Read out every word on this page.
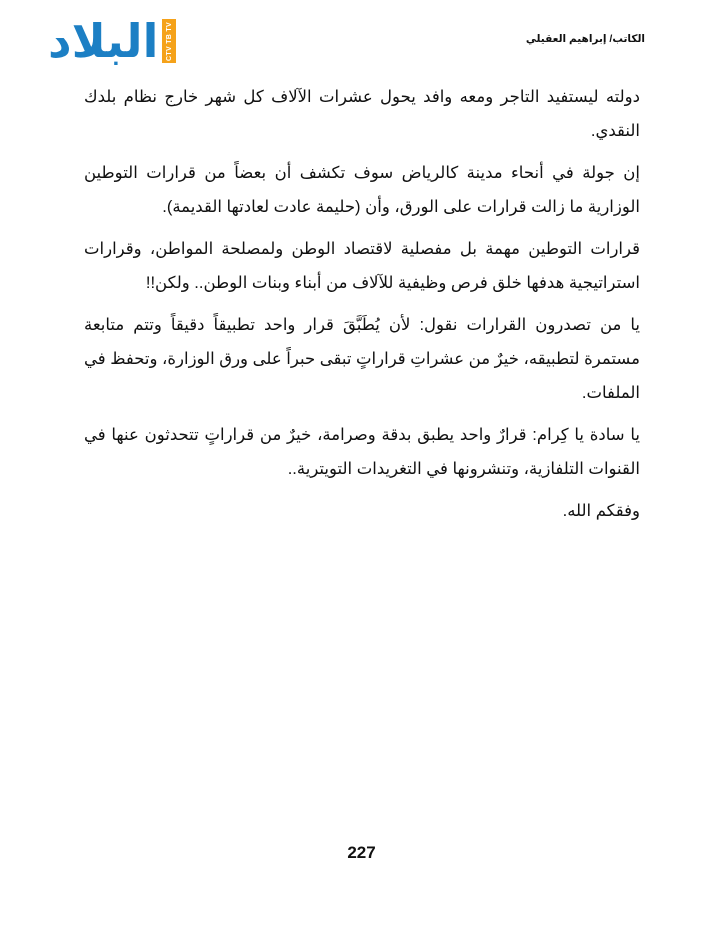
البلاد CTV TB TV	الكاتب/ إبراهيم العقيلي

دولته ليستفيد التاجر ومعه وافد يحول عشرات الآلاف كل شهر خارج نظام بلدك النقدي.

إن جولة في أنحاء مدينة كالرياض سوف تكشف أن بعضاً من قرارات التوطين الوزارية ما زالت قرارات على الورق، وأن (حليمة عادت لعادتها القديمة).

قرارات التوطين مهمة بل مفصلية لاقتصاد الوطن ولمصلحة المواطن، وقرارات استراتيجية هدفها خلق فرص وظيفية للآلاف من أبناء وبنات الوطن.. ولكن!!

يا من تصدرون القرارات نقول: لأن يُطَبَّقَ قرار واحد تطبيقاً دقيقاً وتتم متابعة مستمرة لتطبيقه، خيرٌ من عشراتِ قراراتٍ تبقى حبراً على ورق الوزارة، وتحفظ في الملفات.

يا سادة يا كِرام: قرارٌ واحد يطبق بدقة وصرامة، خيرٌ من قراراتٍ تتحدثون عنها في القنوات التلفازية، وتنشرونها في التغريدات التويترية..

وفقكم الله.

227
